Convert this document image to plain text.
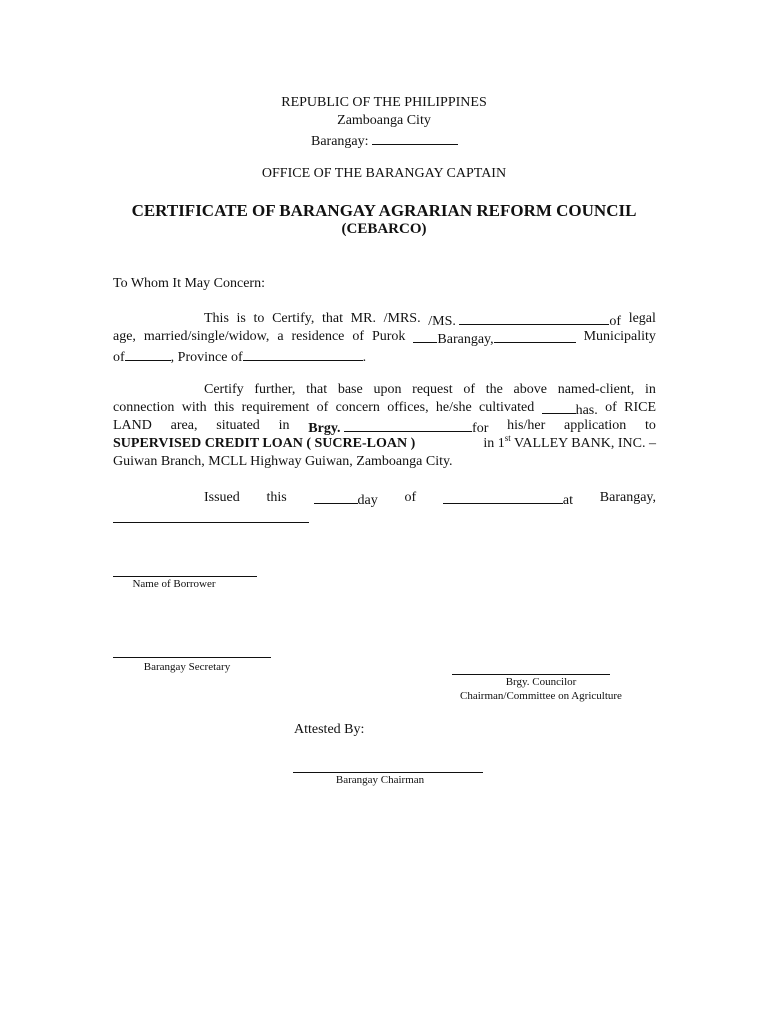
REPUBLIC OF THE PHILIPPINES
Zamboanga City
Barangay:
OFFICE OF THE BARANGAY CAPTAIN
CERTIFICATE OF BARANGAY AGRARIAN REFORM COUNCIL
(CEBARCO)
To Whom It May Concern:
This is to Certify, that MR. /MRS. /MS.	of legal
age, married/single/widow, a residence of Purok	Barangay,	Municipality
of	, Province of	.
Certify further, that base upon request of the above named-client, in
connection with this requirement of concern offices, he/she cultivated	has. of RICE
LAND area, situated in Brgy.	for his/her application to
SUPERVISED CREDIT LOAN ( SUCRE-LOAN )	in 1st VALLEY BANK, INC. –
Guiwan Branch, MCLL Highway Guiwan, Zamboanga City.
Issued this	day of	at Barangay,
Name of Borrower
Barangay Secretary
Brgy. Councilor
Chairman/Committee on Agriculture
Attested By:
Barangay Chairman
